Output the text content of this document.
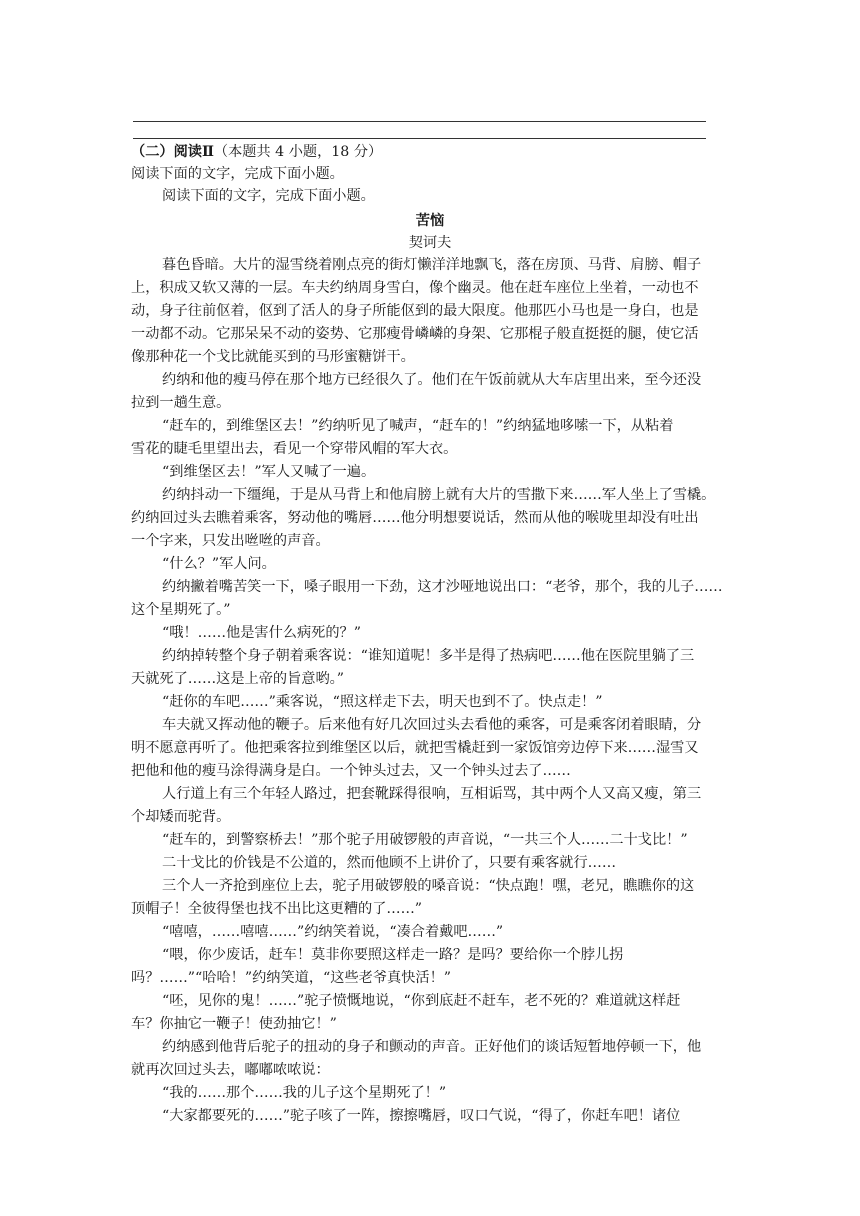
（二）阅读Ⅱ（本题共 4 小题，18 分）
阅读下面的文字，完成下面小题。
阅读下面的文字，完成下面小题。
苦恼
契诃夫
暮色昏暗。大片的湿雪绕着刚点亮的街灯懒洋洋地飘飞，落在房顶、马背、肩膀、帽子
上，积成又软又薄的一层。车夫约纳周身雪白，像个幽灵。他在赶车座位上坐着，一动也不
动，身子往前伛着，伛到了活人的身子所能伛到的最大限度。他那匹小马也是一身白，也是
一动都不动。它那呆呆不动的姿势、它那瘦骨嶙嶙的身架、它那棍子般直挺挺的腿，使它活
像那种花一个戈比就能买到的马形蜜糖饼干。
约纳和他的瘦马停在那个地方已经很久了。他们在午饭前就从大车店里出来，至今还没
拉到一趟生意。
“赶车的，到维堡区去！”约纳听见了喊声，“赶车的！”约纳猛地哆嗦一下，从粘着
雪花的睫毛里望出去，看见一个穿带风帽的军大衣。
“到维堡区去！”军人又喊了一遍。
约纳抖动一下缰绳，于是从马背上和他肩膀上就有大片的雪撒下来……军人坐上了雪橇。
约纳回过头去瞧着乘客，努动他的嘴唇……他分明想要说话，然而从他的喉咙里却没有吐出
一个字来，只发出咝咝的声音。
“什么？”军人问。
约纳撇着嘴苦笑一下，嗓子眼用一下劲，这才沙哑地说出口：“老爷，那个，我的儿子……
这个星期死了。”
“哦！……他是害什么病死的？”
约纳掉转整个身子朝着乘客说：“谁知道呢！多半是得了热病吧……他在医院里躺了三
天就死了……这是上帝的旨意哟。”
“赶你的车吧……”乘客说，“照这样走下去，明天也到不了。快点走！”
车夫就又挥动他的鞭子。后来他有好几次回过头去看他的乘客，可是乘客闭着眼睛，分
明不愿意再听了。他把乘客拉到维堡区以后，就把雪橇赶到一家饭馆旁边停下来……湿雪又
把他和他的瘦马涂得满身是白。一个钟头过去，又一个钟头过去了……
人行道上有三个年轻人路过，把套靴踩得很响，互相诟骂，其中两个人又高又瘦，第三
个却矮而驼背。
“赶车的，到警察桥去！”那个驼子用破锣般的声音说，“一共三个人……二十戈比！”
二十戈比的价钱是不公道的，然而他顾不上讲价了，只要有乘客就行……
三个人一齐抢到座位上去，驼子用破锣般的嗓音说：“快点跑！嘿，老兄，瞧瞧你的这
顶帽子！全彼得堡也找不出比这更糟的了……”
“嘻嘻，……嘻嘻……”约纳笑着说，“凑合着戴吧……”
“喂，你少废话，赶车！莫非你要照这样走一路？是吗？要给你一个脖儿拐
吗？……”“哈哈！”约纳笑道，“这些老爷真快活！”
“呸，见你的鬼！……”驼子愤慨地说，“你到底赶不赶车，老不死的？难道就这样赶
车？你抽它一鞭子！使劲抽它！”
约纳感到他背后驼子的扭动的身子和颤动的声音。正好他们的谈话短暂地停顿一下，他
就再次回过头去，嘟嘟哝哝说：
“我的……那个……我的儿子这个星期死了！”
“大家都要死的……”驼子咳了一阵，擦擦嘴唇，叹口气说，“得了，你赶车吧！诸位
